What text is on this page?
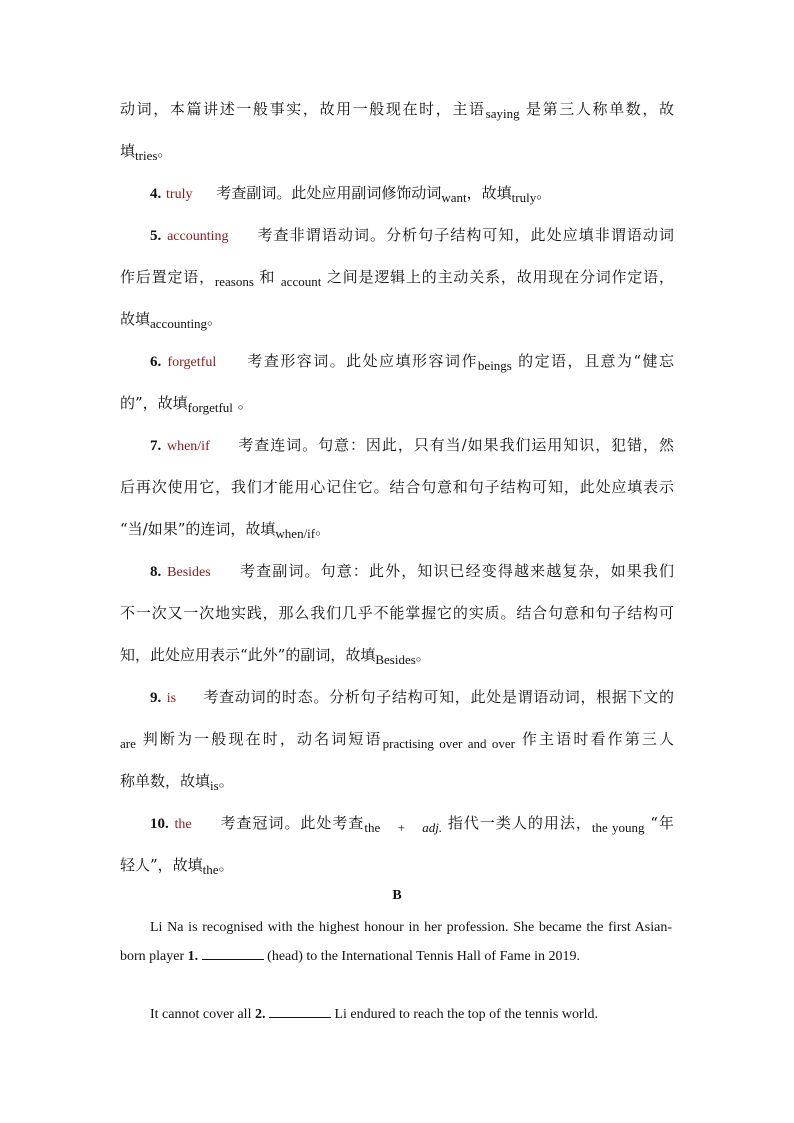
动词，本篇讲述一般事实，故用一般现在时，主语saying 是第三人称单数，故
填tries。
4. truly 考查副词。此处应用副词修饰动词want，故填truly。
5. accounting 考查非谓语动词。分析句子结构可知，此处应填非谓语动词
作后置定语，reasons 和 account 之间是逻辑上的主动关系，故用现在分词作定语，
故填accounting。
6. forgetful 考查形容词。此处应填形容词作beings 的定语，且意为“健忘
的”，故填forgetful 。
7. when/if 考查连词。句意：因此，只有当/如果我们运用知识，犯错，然
后再次使用它，我们才能用心记住它。结合句意和句子结构可知，此处应填表示
“当/如果”的连词，故填when/if。
8. Besides 考查副词。句意：此外，知识已经变得越来越复杂，如果我们
不一次又一次地实践，那么我们几乎不能掌握它的实质。结合句意和句子结构可
知，此处应用表示“此外”的副词，故填Besides。
9. is 考查动词的时态。分析句子结构可知，此处是谓语动词，根据下文的
are 判断为一般现在时，动名词短语practising over and over 作主语时看作第三人
称单数，故填is。
10. the 考查冠词。此处考查the + adj. 指代一类人的用法，the young “年
轻人”，故填the。
B
Li Na is recognised with the highest honour in her profession. She became the first Asian-born player 1.	(head) to the International Tennis Hall of Fame in 2019.
It cannot cover all 2.	Li endured to reach the top of the tennis world.
